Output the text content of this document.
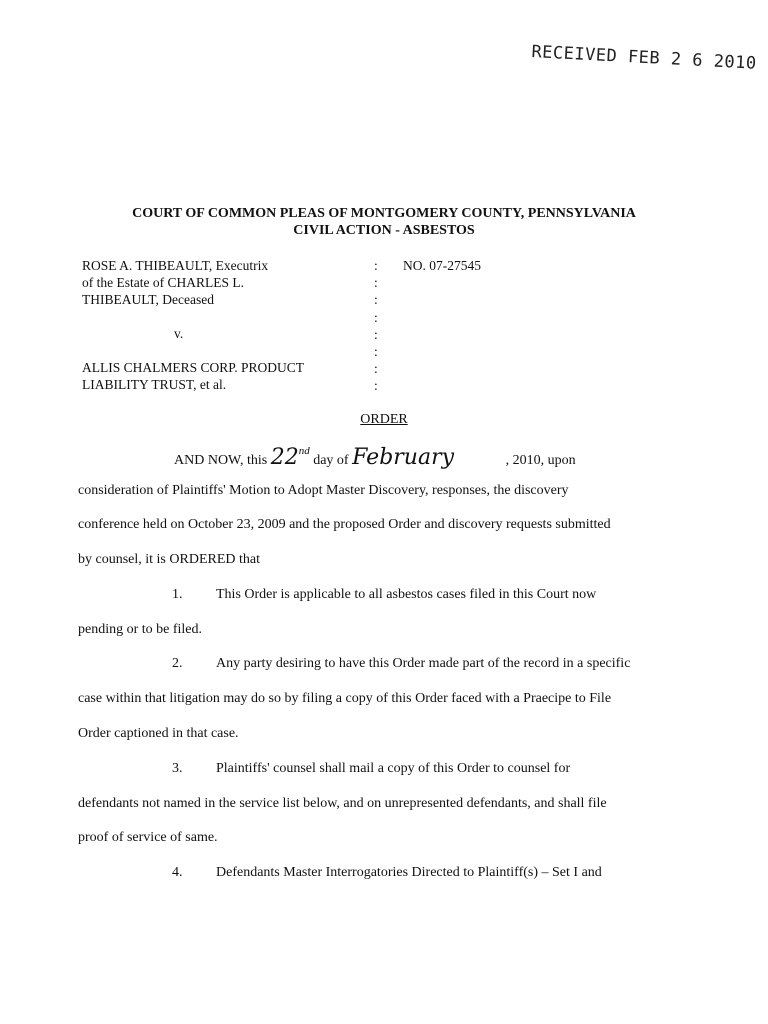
RECEIVED FEB 2 6 2010
COURT OF COMMON PLEAS OF MONTGOMERY COUNTY, PENNSYLVANIA
CIVIL ACTION - ASBESTOS
ROSE A. THIBEAULT, Executrix
of the Estate of CHARLES L.
THIBEAULT, Deceased
v.
ALLIS CHALMERS CORP. PRODUCT
LIABILITY TRUST, et al.
:
:
:
:
:
:
:
:
NO. 07-27545
ORDER
AND NOW, this 22nd day of February	, 2010, upon
consideration of Plaintiffs' Motion to Adopt Master Discovery, responses, the discovery
conference held on October 23, 2009 and the proposed Order and discovery requests submitted
by counsel, it is ORDERED that
1. This Order is applicable to all asbestos cases filed in this Court now
pending or to be filed.
2. Any party desiring to have this Order made part of the record in a specific
case within that litigation may do so by filing a copy of this Order faced with a Praecipe to File
Order captioned in that case.
3. Plaintiffs' counsel shall mail a copy of this Order to counsel for
defendants not named in the service list below, and on unrepresented defendants, and shall file
proof of service of same.
4. Defendants Master Interrogatories Directed to Plaintiff(s) – Set I and
